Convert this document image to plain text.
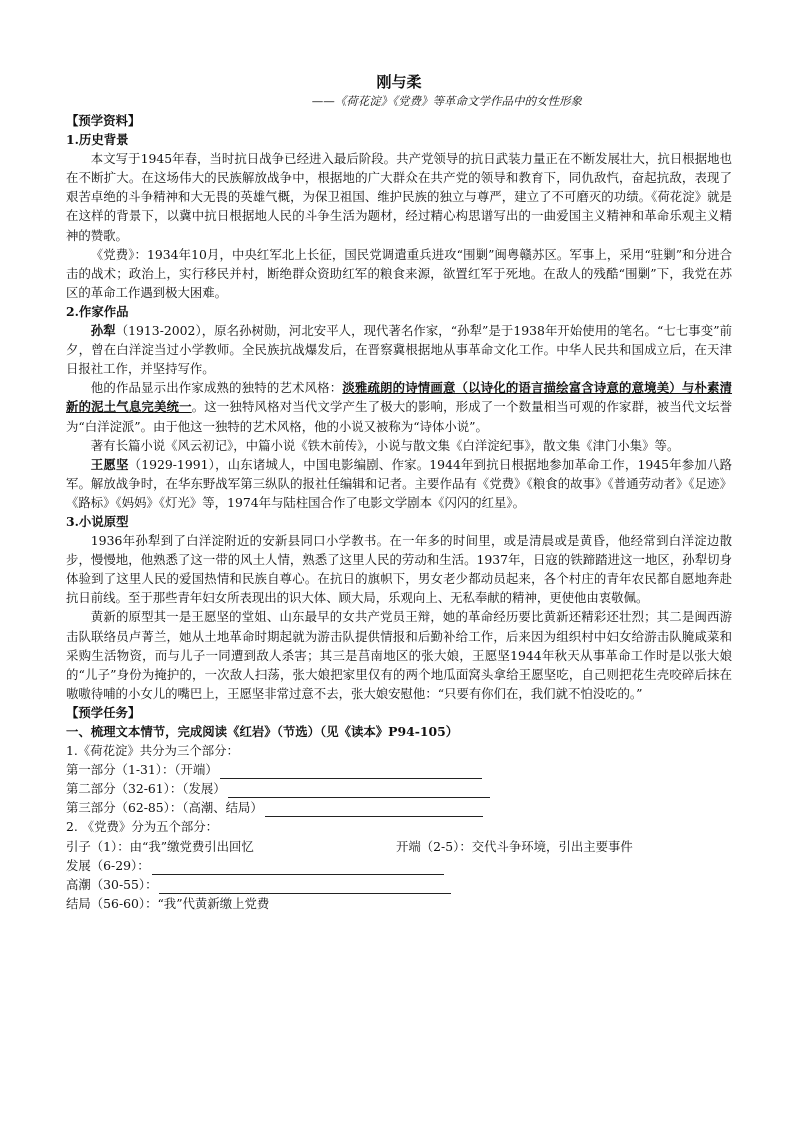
刚与柔
——《荷花淀》《党费》等革命文学作品中的女性形象
【预学资料】
1.历史背景

本文写于1945年春，当时抗日战争已经进入最后阶段。共产党领导的抗日武装力量正在不断发展壮大，抗日根据地也在不断扩大。在这场伟大的民族解放战争中，根据地的广大群众在共产党的领导和教育下，同仇敌忾，奋起抗敌，表现了艰苦卓绝的斗争精神和大无畏的英雄气概，为保卫祖国、维护民族的独立与尊严，建立了不可磨灭的功绩。《荷花淀》就是在这样的背景下，以冀中抗日根据地人民的斗争生活为题材，经过精心构思谱写出的一曲爱国主义精神和革命乐观主义精神的赞歌。

《党费》：1934年10月，中央红军北上长征，国民党调遣重兵进攻“围剿”闽粤赣苏区。军事上，采用“驻剿”和分进合击的战术；政治上，实行移民并村，断绝群众资助红军的粮食来源，欲置红军于死地。在敌人的残酷“围剿”下，我党在苏区的革命工作遇到极大困难。

2.作家作品

孙犁（1913-2002），原名孙树勋，河北安平人，现代著名作家，“孙犁”是于1938年开始使用的笔名。“七七事变”前夕，曾在白洋淀当过小学教师。全民族抗战爆发后，在晋察冀根据地从事革命文化工作。中华人民共和国成立后，在天津日报社工作，并坚持写作。

他的作品显示出作家成熟的独特的艺术风格：淡雅疏朗的诗情画意（以诗化的语言描绘富含诗意的意境美）与朴素清新的泥土气息完美统一。这一独特风格对当代文学产生了极大的影响，形成了一个数量相当可观的作家群，被当代文坛誉为“白洋淀派”。由于他这一独特的艺术风格，他的小说又被称为“诗体小说”。

著有长篇小说《风云初记》，中篇小说《铁木前传》，小说与散文集《白洋淀纪事》，散文集《津门小集》等。

王愿坚（1929-1991），山东诸城人，中国电影编剧、作家。1944年到抗日根据地参加革命工作，1945年参加八路军。解放战争时，在华东野战军第三纵队的报社任编辑和记者。主要作品有《党费》《粮食的故事》《普通劳动者》《足迹》《路标》《妈妈》《灯光》等，1974年与陆柱国合作了电影文学剧本《闪闪的红星》。

3.小说原型

1936年孙犁到了白洋淀附近的安新县同口小学教书。在一年多的时间里，或是清晨或是黄昏，他经常到白洋淀边散步，慢慢地，他熟悉了这一带的风土人情，熟悉了这里人民的劳动和生活。1937年，日寇的铁蹄踏进这一地区，孙犁切身体验到了这里人民的爱国热情和民族自尊心。在抗日的旗帜下，男女老少都动员起来，各个村庄的青年农民都自愿地奔赴抗日前线。至于那些青年妇女所表现出的识大体、顾大局，乐观向上、无私奉献的精神，更使他由衷敬佩。

黄新的原型其一是王愿坚的堂姐、山东最早的女共产党员王辩，她的革命经历要比黄新还精彩还壮烈；其二是闽西游击队联络员卢菁兰，她从土地革命时期起就为游击队提供情报和后勤补给工作，后来因为组织村中妇女给游击队腌咸菜和采购生活物资，而与儿子一同遭到敌人杀害；其三是莒南地区的张大娘，王愿坚1944年秋天从事革命工作时是以张大娘的“儿子”身份为掩护的，一次敌人扫荡，张大娘把家里仅有的两个地瓜面窝头拿给王愿坚吃，自己则把花生壳咬碎后抹在嗷嗷待哺的小女儿的嘴巴上，王愿坚非常过意不去，张大娘安慰他：“只要有你们在，我们就不怕没吃的。”

【预学任务】
一、梳理文本情节，完成阅读《红岩》（节选）（见《读本》P94-105）
1.《荷花淀》共分为三个部分：
第一部分（1-31）：（开端）
第二部分（32-61）：（发展）
第三部分（62-85）：（高潮、结局）
2. 《党费》分为五个部分：
引子（1）：由“我”缴党费引出回忆	开端（2-5）：交代斗争环境，引出主要事件
发展（6-29）：
高潮（30-55）：
结局（56-60）：“我”代黄新缴上党费
